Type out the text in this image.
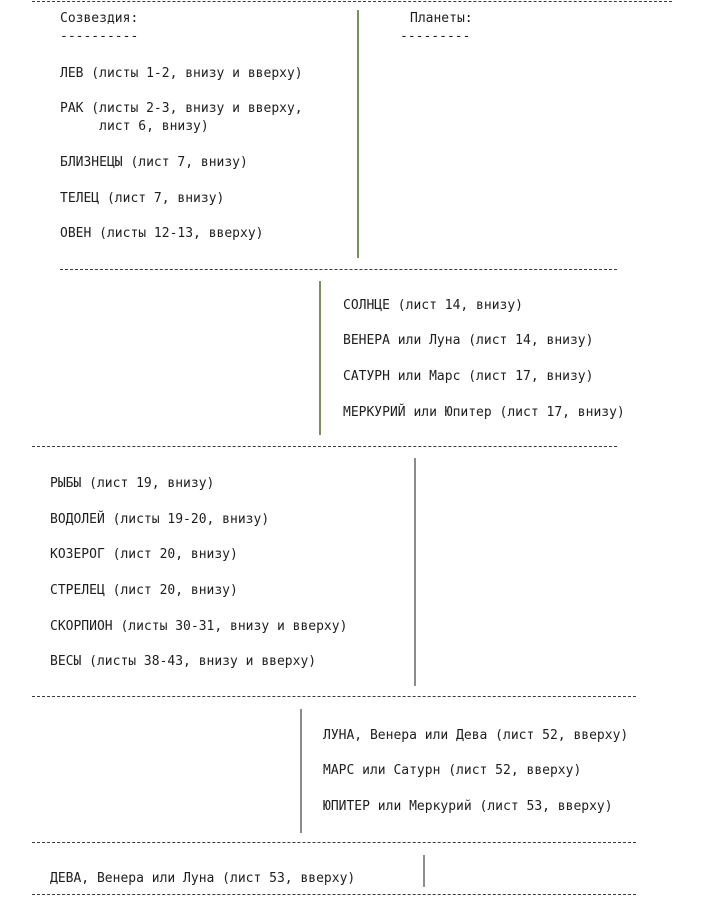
Созвездия:
----------
Планеты:
---------
ЛЕВ (листы 1-2, внизу и вверху)
РАК (листы 2-3, внизу и вверху,
лист 6, внизу)
БЛИЗНЕЦЫ (лист 7, внизу)
ТЕЛЕЦ (лист 7, внизу)
ОВЕН (листы 12-13, вверху)
СОЛНЦЕ (лист 14, внизу)
ВЕНЕРА или Луна (лист 14, внизу)
САТУРН или Марс (лист 17, внизу)
МЕРКУРИЙ или Юпитер (лист 17, внизу)
РЫБЫ (лист 19, внизу)
ВОДОЛЕЙ (листы 19-20, внизу)
КОЗЕРОГ (лист 20, внизу)
СТРЕЛЕЦ (лист 20, внизу)
СКОРПИОН (листы 30-31, внизу и вверху)
ВЕСЫ (листы 38-43, внизу и вверху)
ЛУНА, Венера или Дева (лист 52, вверху)
МАРС или Сатурн (лист 52, вверху)
ЮПИТЕР или Меркурий (лист 53, вверху)
ДЕВА, Венера или Луна (лист 53, вверху)
